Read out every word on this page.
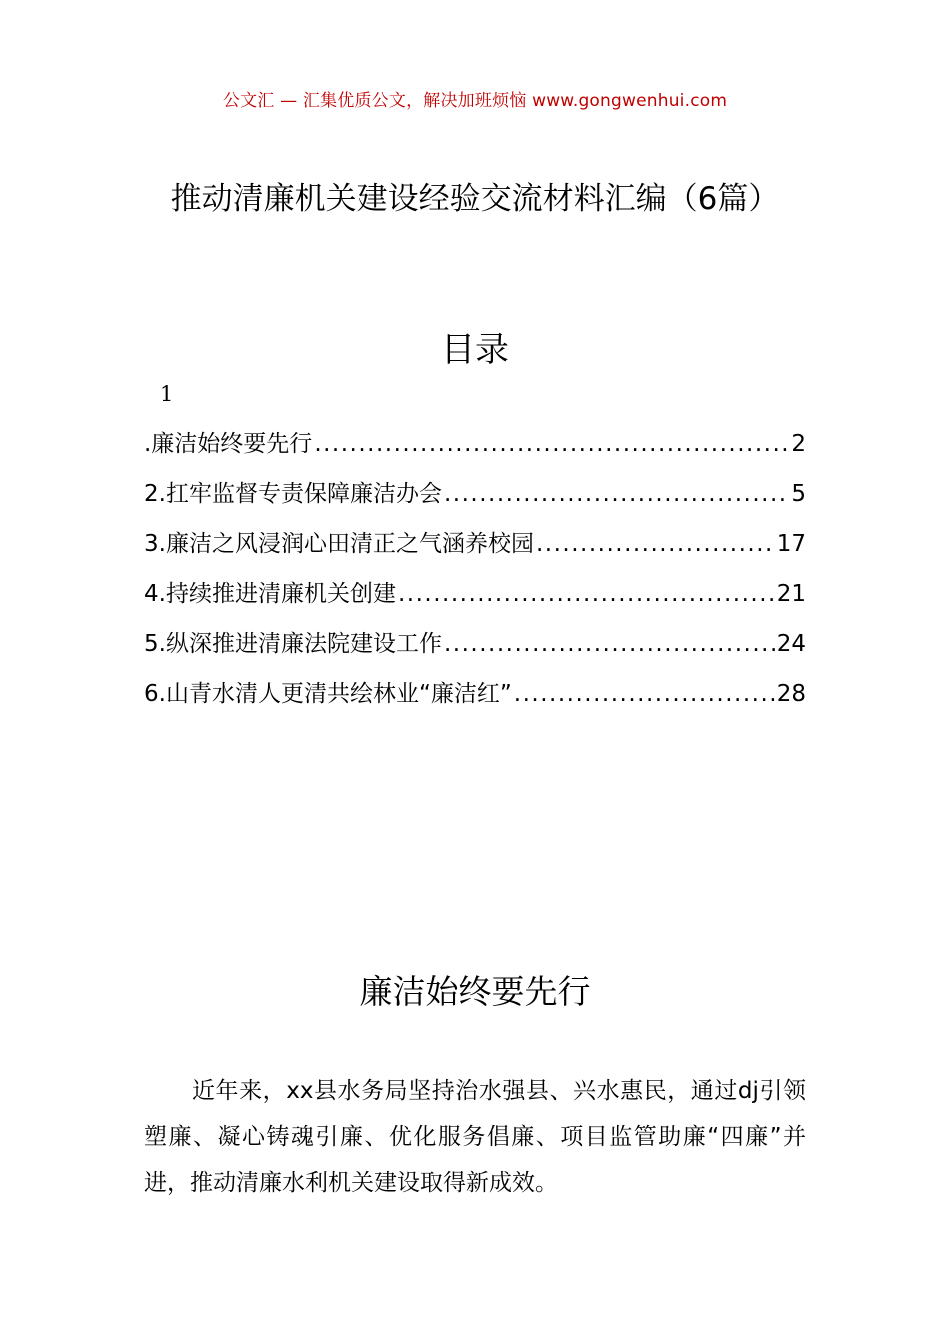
公文汇 — 汇集优质公文，解决加班烦恼 www.gongwenhui.com
推动清廉机关建设经验交流材料汇编（6篇）
目录
1
.廉洁始终要先行 .....	2
2.扛牢监督专责保障廉洁办会 .....	5
3.廉洁之风浸润心田清正之气涵养校园 .....	17
4.持续推进清廉机关创建 .....	21
5.纵深推进清廉法院建设工作 .....	24
6.山青水清人更清共绘林业“廉洁红” .....	28
廉洁始终要先行

近年来，xx县水务局坚持治水强县、兴水惠民，通过dj引领塑廉、凝心铸魂引廉、优化服务倡廉、项目监管助廉“四廉”并进，推动清廉水利机关建设取得新成效。
